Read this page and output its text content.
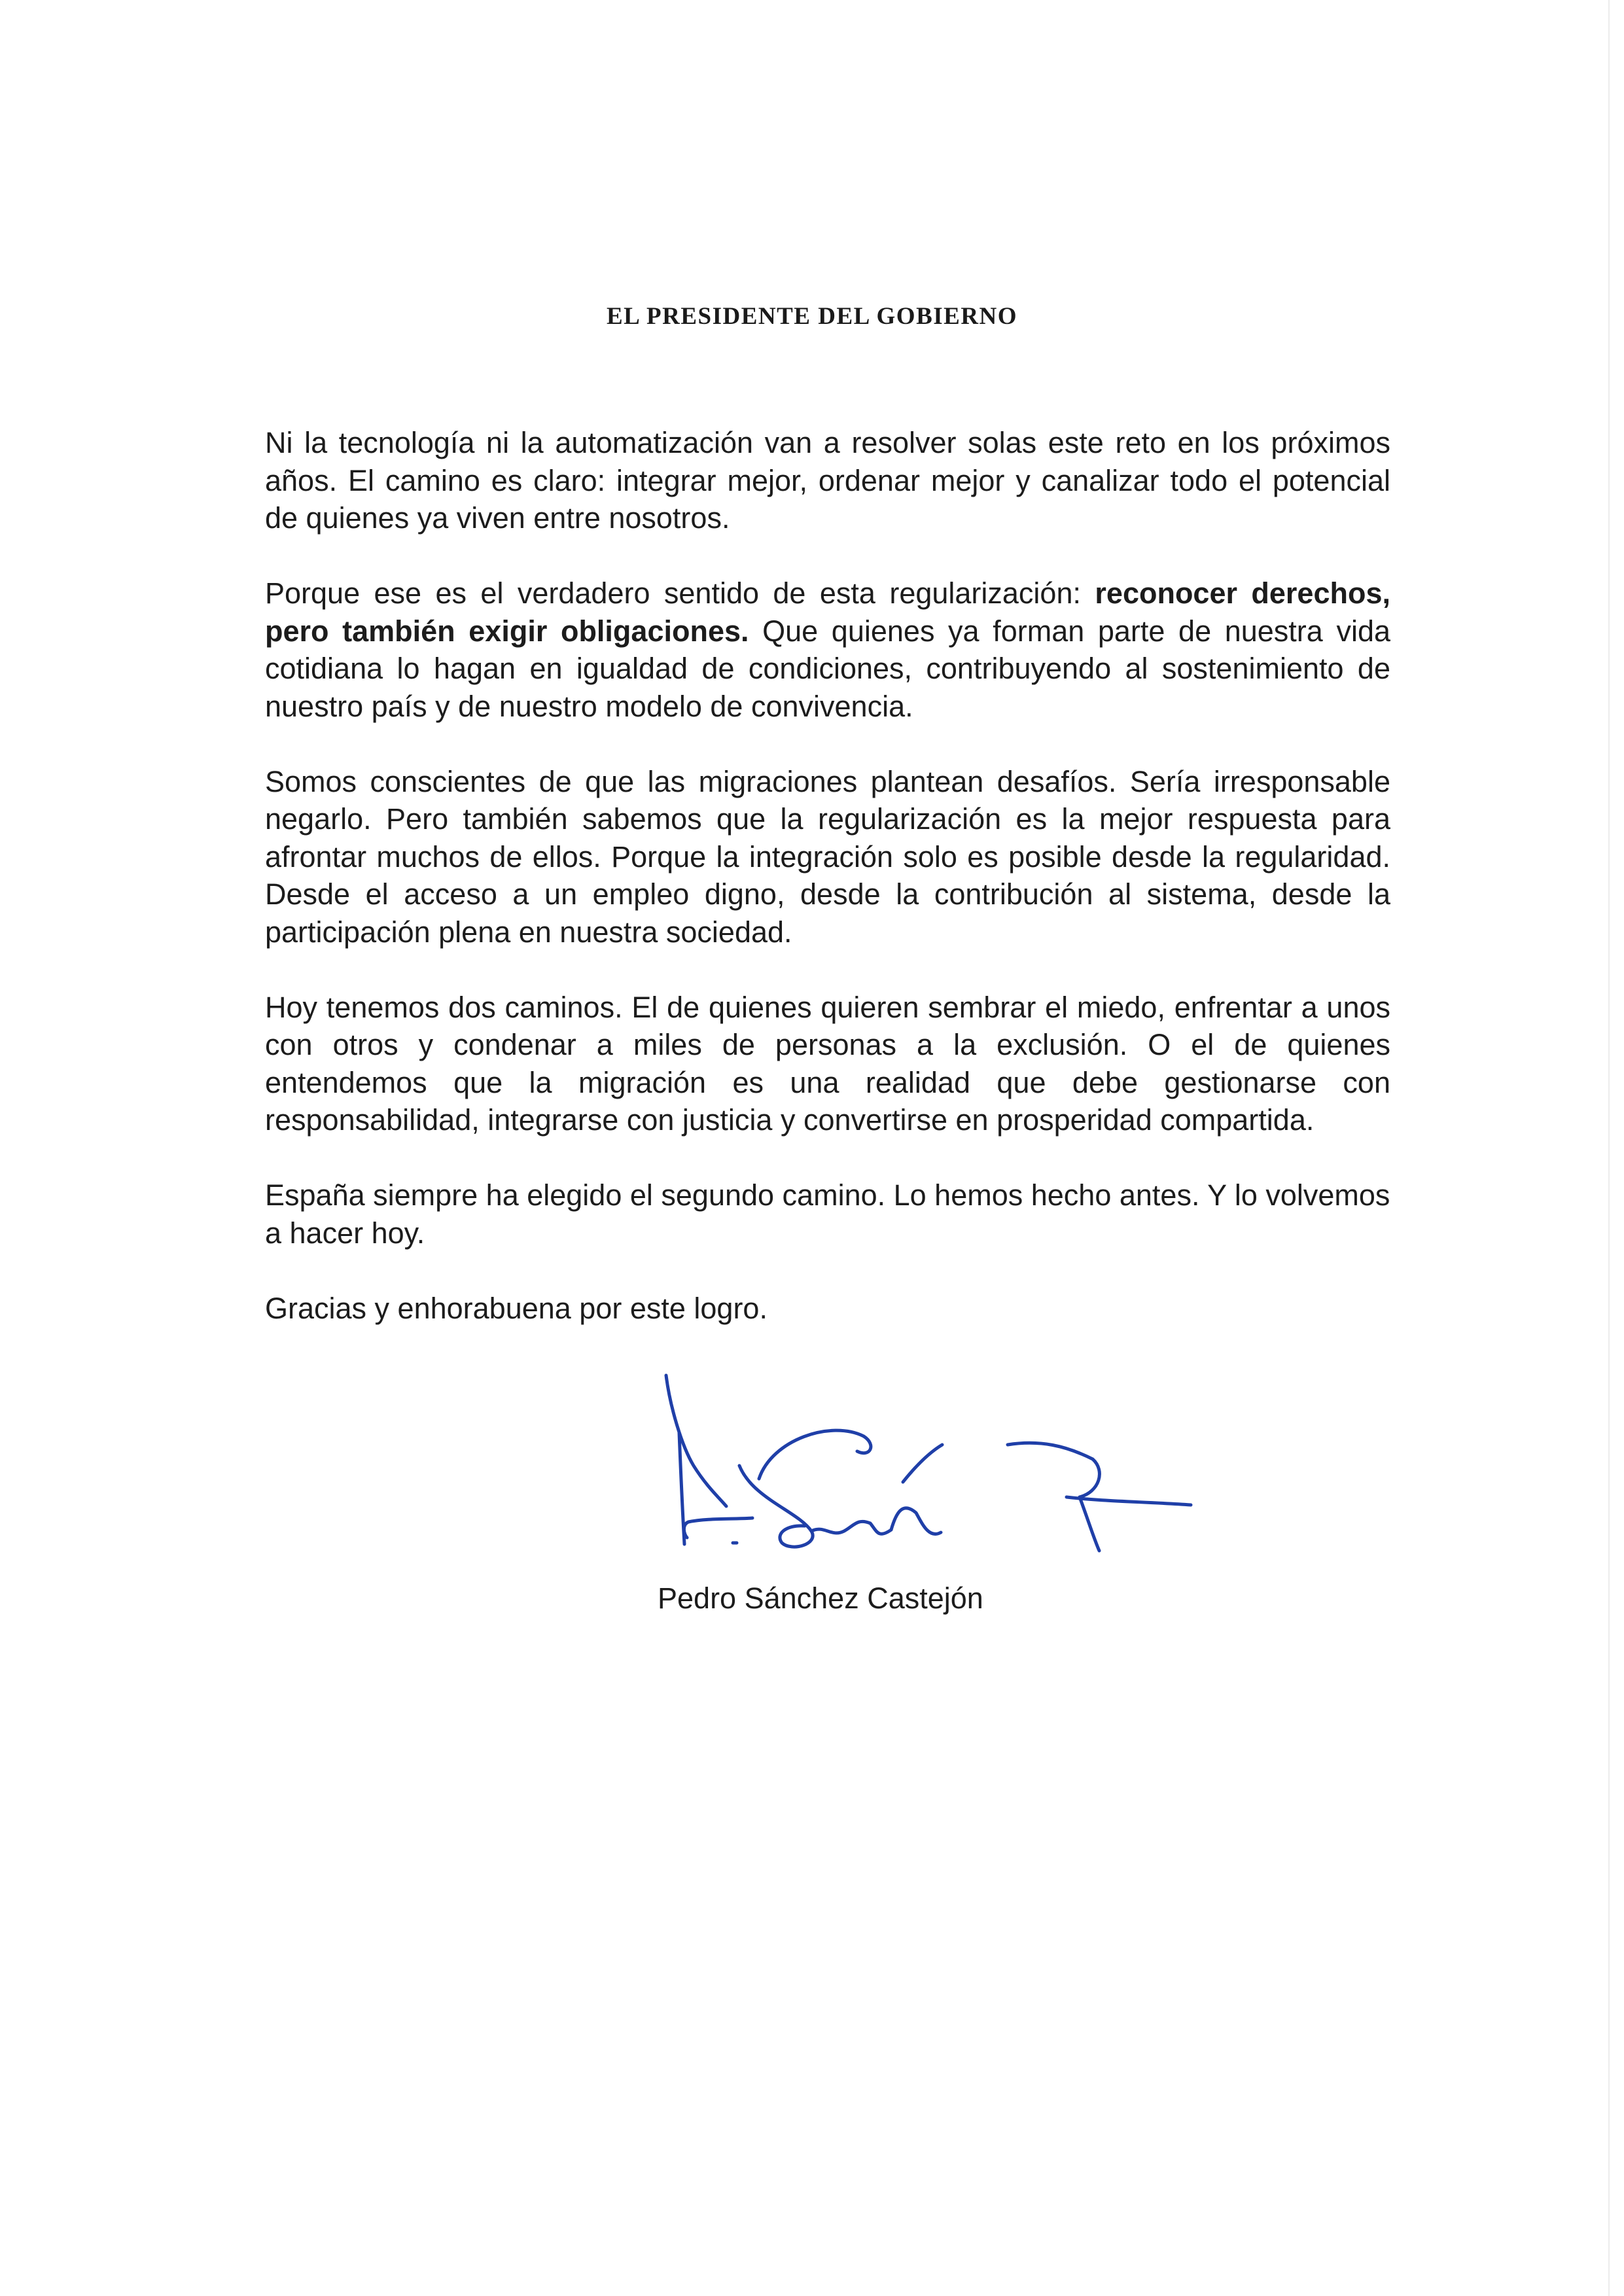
EL PRESIDENTE DEL GOBIERNO

Ni la tecnología ni la automatización van a resolver solas este reto en los próximos años. El camino es claro: integrar mejor, ordenar mejor y canalizar todo el potencial de quienes ya viven entre nosotros.

Porque ese es el verdadero sentido de esta regularización: reconocer derechos, pero también exigir obligaciones. Que quienes ya forman parte de nuestra vida cotidiana lo hagan en igualdad de condiciones, contribuyendo al sostenimiento de nuestro país y de nuestro modelo de convivencia.

Somos conscientes de que las migraciones plantean desafíos. Sería irresponsable negarlo. Pero también sabemos que la regularización es la mejor respuesta para afrontar muchos de ellos. Porque la integración solo es posible desde la regularidad. Desde el acceso a un empleo digno, desde la contribución al sistema, desde la participación plena en nuestra sociedad.

Hoy tenemos dos caminos. El de quienes quieren sembrar el miedo, enfrentar a unos con otros y condenar a miles de personas a la exclusión. O el de quienes entendemos que la migración es una realidad que debe gestionarse con responsabilidad, integrarse con justicia y convertirse en prosperidad compartida.

España siempre ha elegido el segundo camino. Lo hemos hecho antes. Y lo volvemos a hacer hoy.

Gracias y enhorabuena por este logro.

Pedro Sánchez Castejón
